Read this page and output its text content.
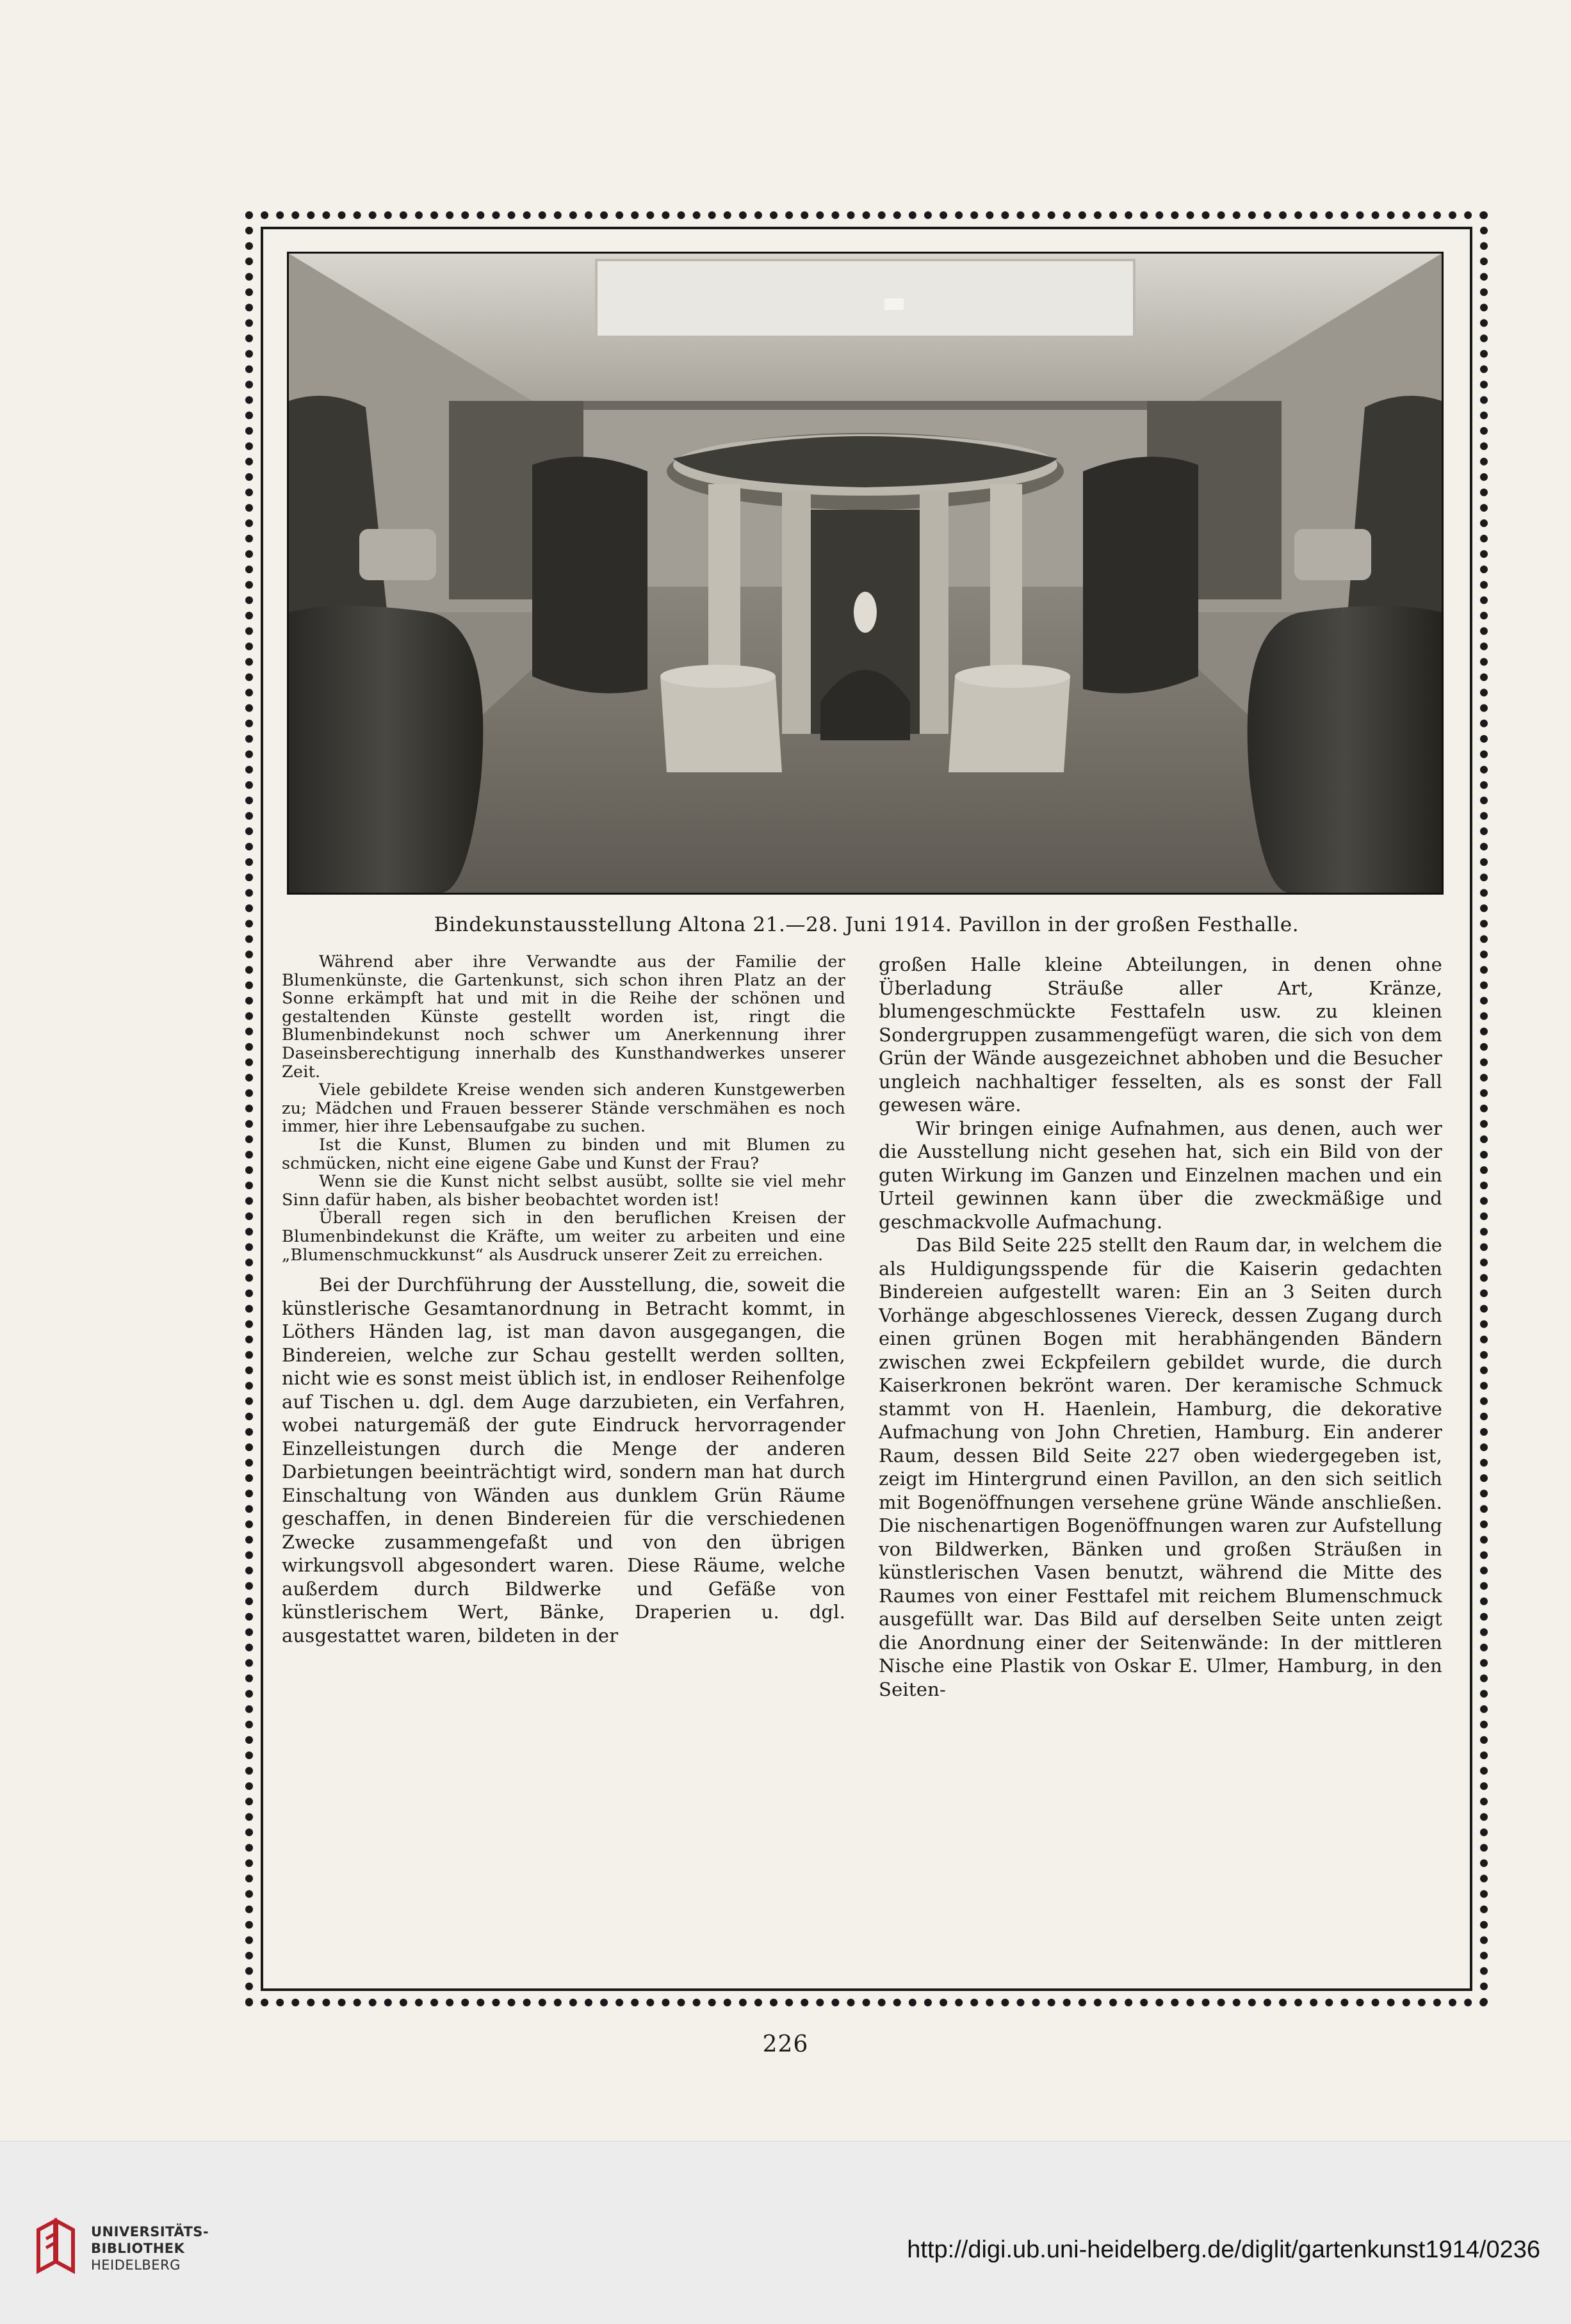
Bindekunstausstellung Altona 21.—28. Juni 1914. Pavillon in der großen Festhalle.

Während aber ihre Verwandte aus der Familie der Blumenkünste, die Gartenkunst, sich schon ihren Platz an der Sonne erkämpft hat und mit in die Reihe der schönen und gestaltenden Künste gestellt worden ist, ringt die Blumenbindekunst noch schwer um Anerkennung ihrer Daseinsberechtigung innerhalb des Kunsthandwerkes unserer Zeit.

Viele gebildete Kreise wenden sich anderen Kunstgewerben zu; Mädchen und Frauen besserer Stände verschmähen es noch immer, hier ihre Lebensaufgabe zu suchen.

Ist die Kunst, Blumen zu binden und mit Blumen zu schmücken, nicht eine eigene Gabe und Kunst der Frau?

Wenn sie die Kunst nicht selbst ausübt, sollte sie viel mehr Sinn dafür haben, als bisher beobachtet worden ist!

Überall regen sich in den beruflichen Kreisen der Blumenbindekunst die Kräfte, um weiter zu arbeiten und eine „Blumenschmuckkunst“ als Ausdruck unserer Zeit zu erreichen.

Bei der Durchführung der Ausstellung, die, soweit die künstlerische Gesamtanordnung in Betracht kommt, in Löthers Händen lag, ist man davon ausgegangen, die Bindereien, welche zur Schau gestellt werden sollten, nicht wie es sonst meist üblich ist, in endloser Reihenfolge auf Tischen u. dgl. dem Auge darzubieten, ein Verfahren, wobei naturgemäß der gute Eindruck hervorragender Einzelleistungen durch die Menge der anderen Darbietungen beeinträchtigt wird, sondern man hat durch Einschaltung von Wänden aus dunklem Grün Räume geschaffen, in denen Bindereien für die verschiedenen Zwecke zusammengefaßt und von den übrigen wirkungsvoll abgesondert waren. Diese Räume, welche außerdem durch Bildwerke und Gefäße von künstlerischem Wert, Bänke, Draperien u. dgl. ausgestattet waren, bildeten in der

großen Halle kleine Abteilungen, in denen ohne Überladung Sträuße aller Art, Kränze, blumengeschmückte Festtafeln usw. zu kleinen Sondergruppen zusammengefügt waren, die sich von dem Grün der Wände ausgezeichnet abhoben und die Besucher ungleich nachhaltiger fesselten, als es sonst der Fall gewesen wäre.

Wir bringen einige Aufnahmen, aus denen, auch wer die Ausstellung nicht gesehen hat, sich ein Bild von der guten Wirkung im Ganzen und Einzelnen machen und ein Urteil gewinnen kann über die zweckmäßige und geschmackvolle Aufmachung.

Das Bild Seite 225 stellt den Raum dar, in welchem die als Huldigungsspende für die Kaiserin gedachten Bindereien aufgestellt waren: Ein an 3 Seiten durch Vorhänge abgeschlossenes Viereck, dessen Zugang durch einen grünen Bogen mit herabhängenden Bändern zwischen zwei Eckpfeilern gebildet wurde, die durch Kaiserkronen bekrönt waren. Der keramische Schmuck stammt von H. Haenlein, Hamburg, die dekorative Aufmachung von John Chretien, Hamburg. Ein anderer Raum, dessen Bild Seite 227 oben wiedergegeben ist, zeigt im Hintergrund einen Pavillon, an den sich seitlich mit Bogenöffnungen versehene grüne Wände anschließen. Die nischenartigen Bogenöffnungen waren zur Aufstellung von Bildwerken, Bänken und großen Sträußen in künstlerischen Vasen benutzt, während die Mitte des Raumes von einer Festtafel mit reichem Blumenschmuck ausgefüllt war. Das Bild auf derselben Seite unten zeigt die Anordnung einer der Seitenwände: In der mittleren Nische eine Plastik von Oskar E. Ulmer, Hamburg, in den Seiten-

226
UNIVERSITÄTS-
BIBLIOTHEK
HEIDELBERG
http://digi.ub.uni-heidelberg.de/diglit/gartenkunst1914/0236
